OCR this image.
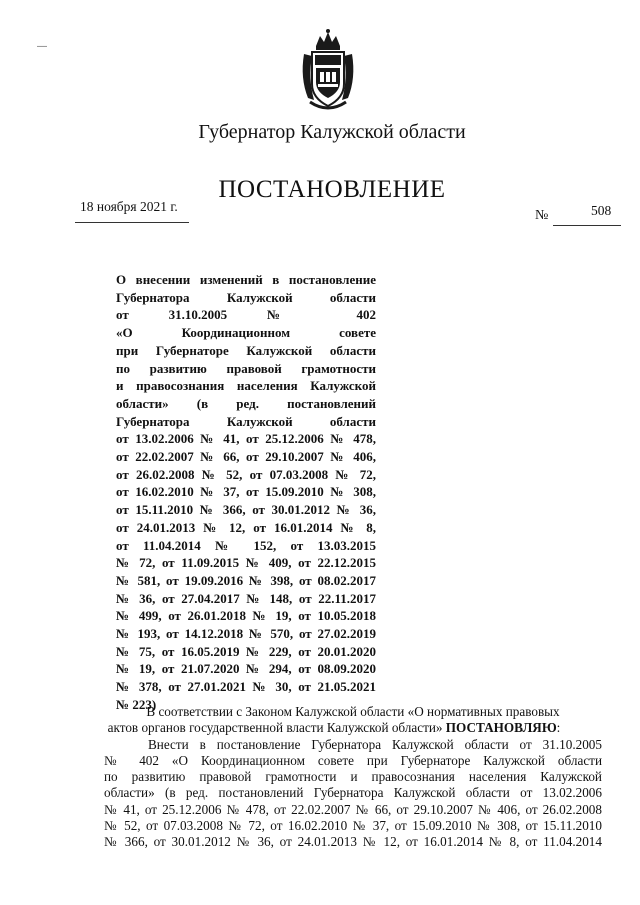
—
Губернатор Калужской области
ПОСТАНОВЛЕНИЕ
18 ноября 2021 г.
№	508
О внесении изменений в постановление
Губернатора Калужской области
от 31.10.2005 № 402
«О Координационном совете
при Губернаторе Калужской области
по развитию правовой грамотности
и правосознания населения Калужской
области» (в ред. постановлений
Губернатора Калужской области
от 13.02.2006 № 41, от 25.12.2006 № 478,
от 22.02.2007 № 66, от 29.10.2007 № 406,
от 26.02.2008 № 52, от 07.03.2008 № 72,
от 16.02.2010 № 37, от 15.09.2010 № 308,
от 15.11.2010 № 366, от 30.01.2012 № 36,
от 24.01.2013 № 12, от 16.01.2014 № 8,
от 11.04.2014 № 152, от 13.03.2015
№ 72, от 11.09.2015 № 409, от 22.12.2015
№ 581, от 19.09.2016 № 398, от 08.02.2017
№ 36, от 27.04.2017 № 148, от 22.11.2017
№ 499, от 26.01.2018 № 19, от 10.05.2018
№ 193, от 14.12.2018 № 570, от 27.02.2019
№ 75, от 16.05.2019 № 229, от 20.01.2020
№ 19, от 21.07.2020 № 294, от 08.09.2020
№ 378, от 27.01.2021 № 30, от 21.05.2021
№ 223)
В соответствии с Законом Калужской области «О нормативных правовых
актов органов государственной власти Калужской области» ПОСТАНОВЛЯЮ:
Внести в постановление Губернатора Калужской области от 31.10.2005
№ 402 «О Координационном совете при Губернаторе Калужской области
по развитию правовой грамотности и правосознания населения Калужской
области» (в ред. постановлений Губернатора Калужской области от 13.02.2006
№ 41, от 25.12.2006 № 478, от 22.02.2007 № 66, от 29.10.2007 № 406, от 26.02.2008
№ 52, от 07.03.2008 № 72, от 16.02.2010 № 37, от 15.09.2010 № 308, от 15.11.2010
№ 366, от 30.01.2012 № 36, от 24.01.2013 № 12, от 16.01.2014 № 8, от 11.04.2014
